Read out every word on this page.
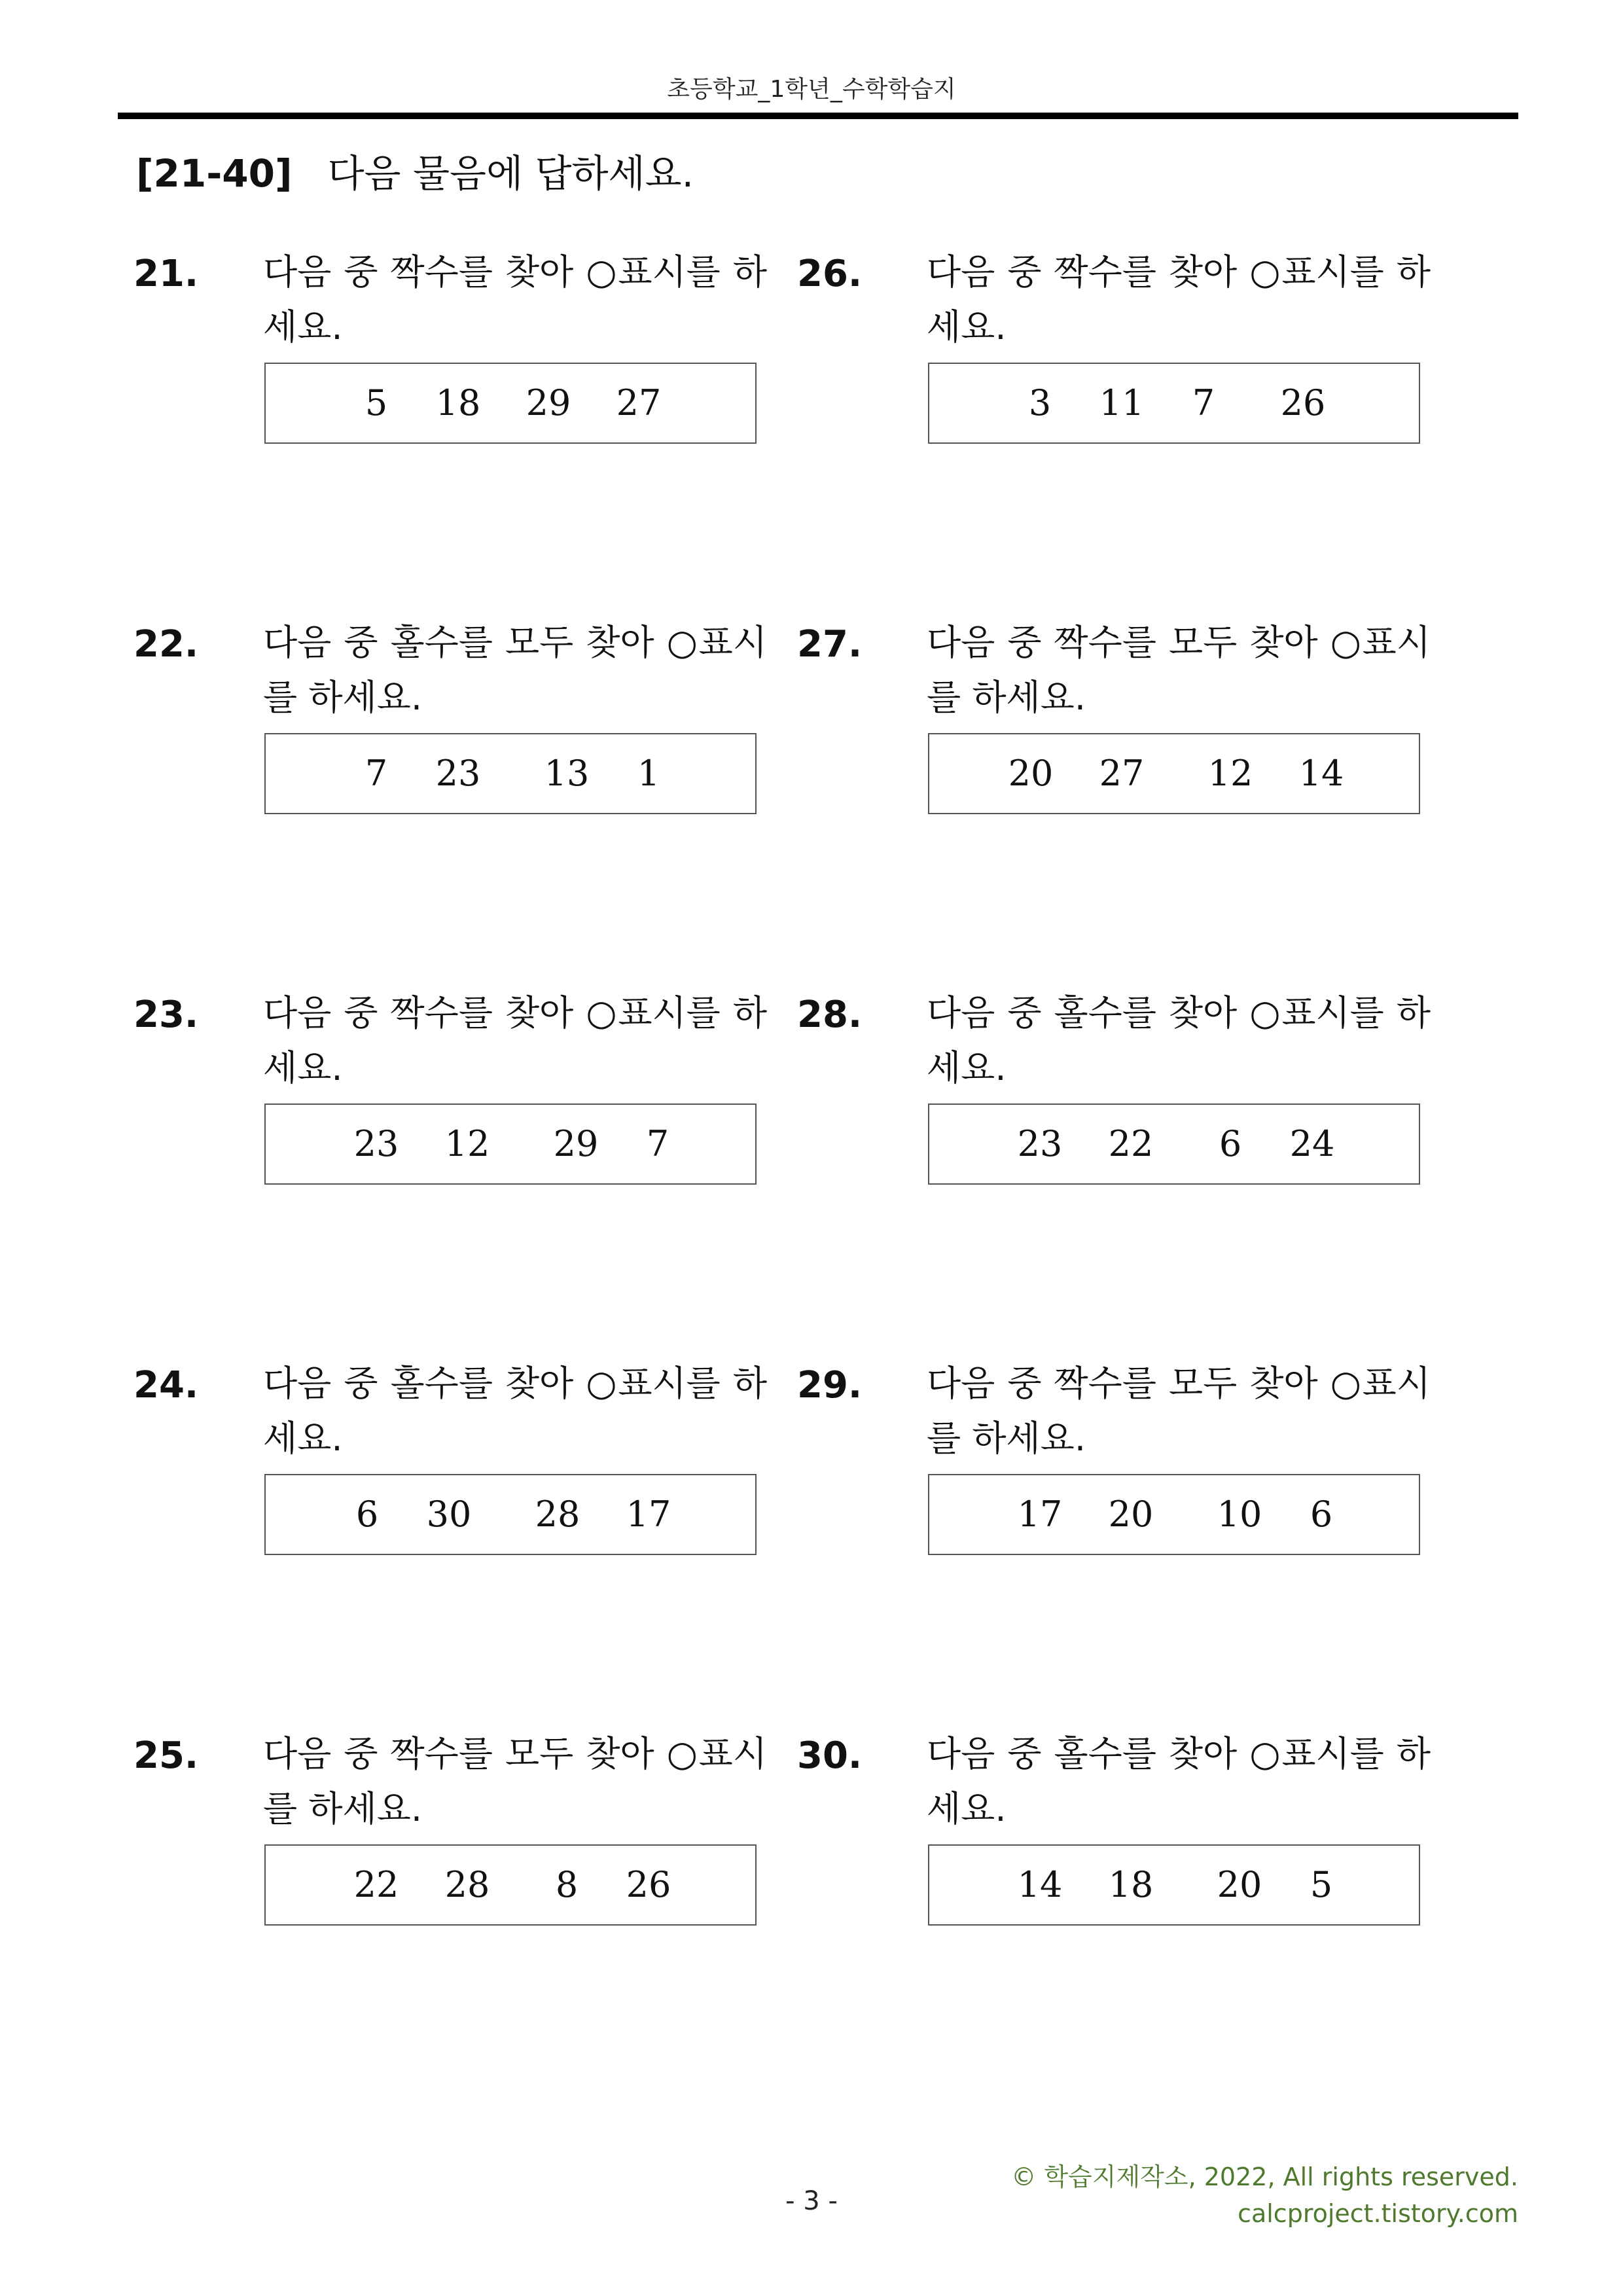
초등학교_1학년_수학학습지
[21-40] 다음 물음에 답하세요.
21. 다음 중 짝수를 찾아 ○표시를 하세요.
5 18 29 27
22. 다음 중 홀수를 모두 찾아 ○표시를 하세요.
7 23 13 1
23. 다음 중 짝수를 찾아 ○표시를 하세요.
23 12 29 7
24. 다음 중 홀수를 찾아 ○표시를 하세요.
6 30 28 17
25. 다음 중 짝수를 모두 찾아 ○표시를 하세요.
22 28 8 26
26. 다음 중 짝수를 찾아 ○표시를 하세요.
3 11 7 26
27. 다음 중 짝수를 모두 찾아 ○표시를 하세요.
20 27 12 14
28. 다음 중 홀수를 찾아 ○표시를 하세요.
23 22 6 24
29. 다음 중 짝수를 모두 찾아 ○표시를 하세요.
17 20 10 6
30. 다음 중 홀수를 찾아 ○표시를 하세요.
14 18 20 5
© 학습지제작소, 2022, All rights reserved.
calcproject.tistory.com
- 3 -
